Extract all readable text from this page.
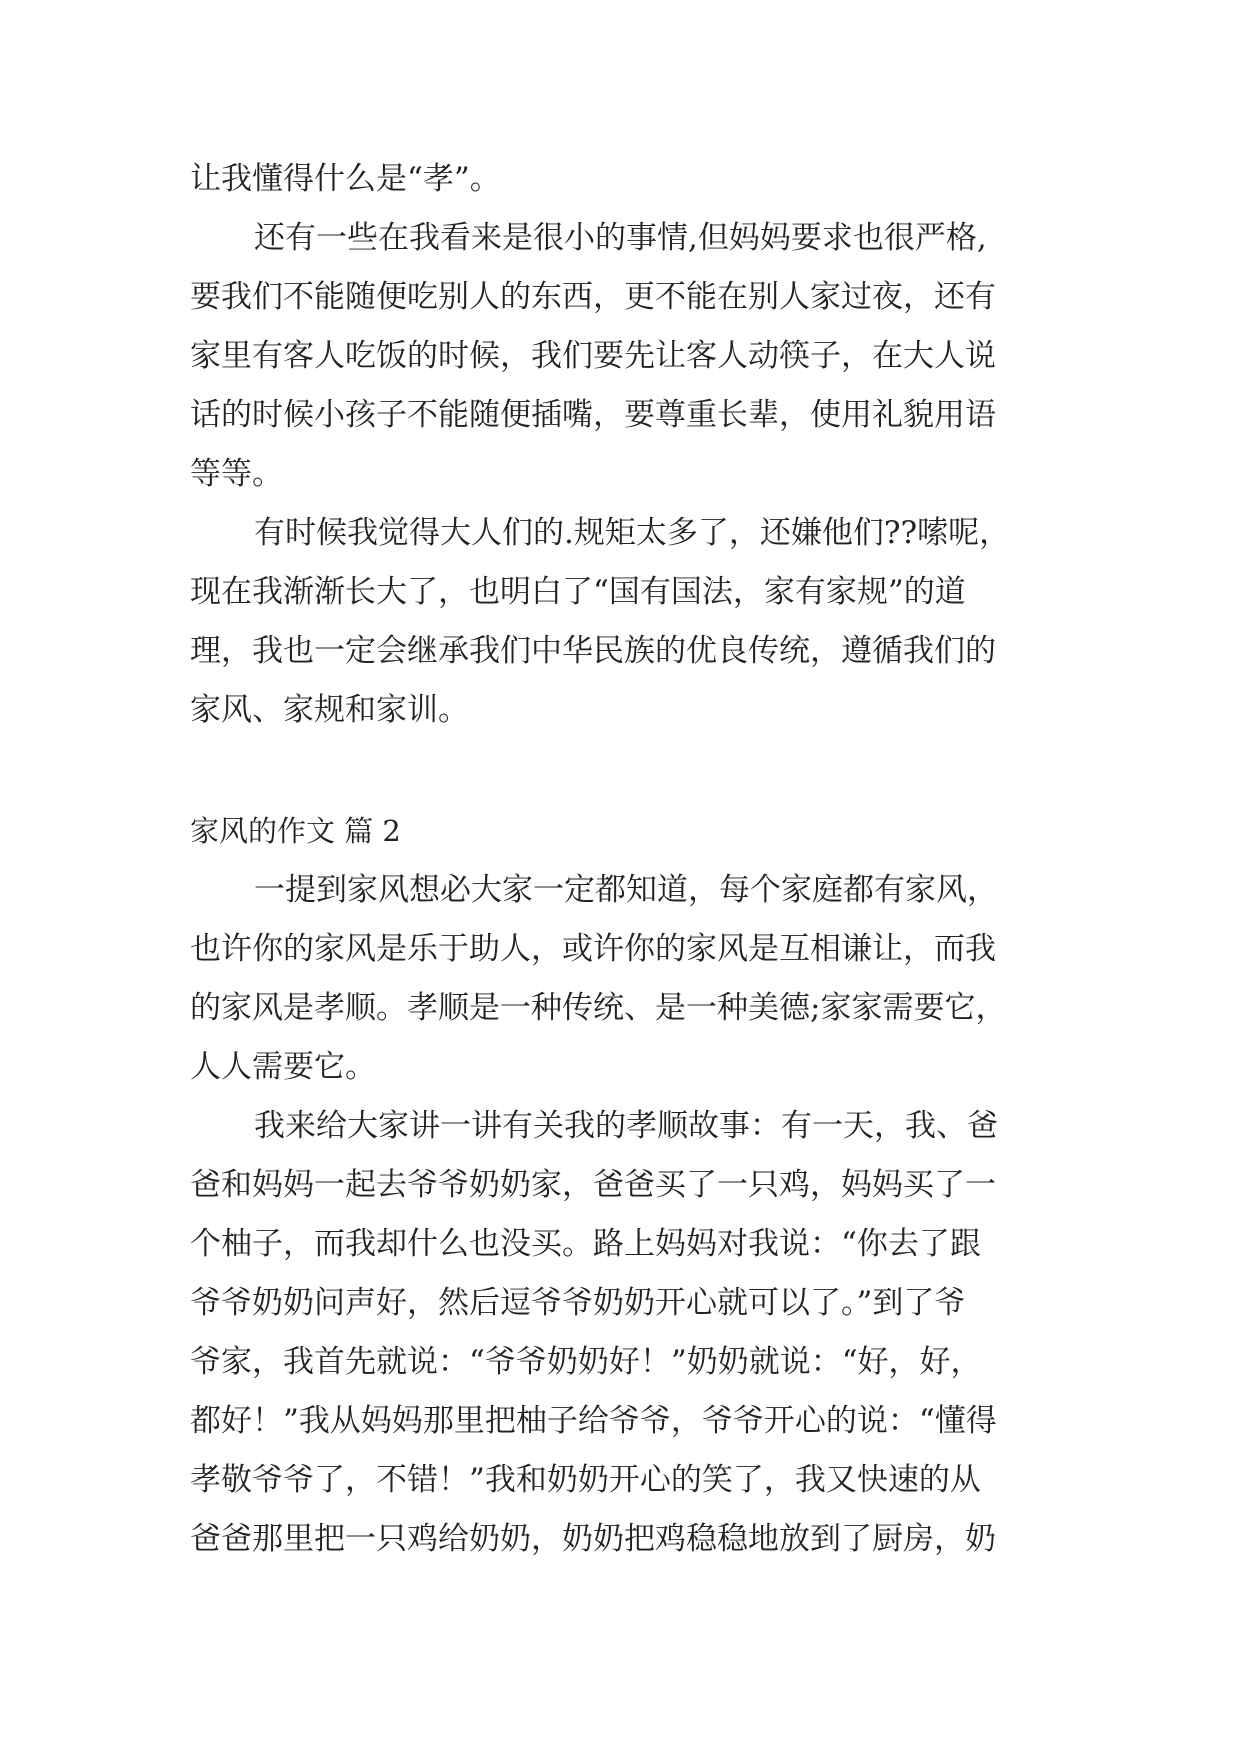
让我懂得什么是“孝”。
还有一些在我看来是很小的事情,但妈妈要求也很严格,
要我们不能随便吃别人的东西，更不能在别人家过夜，还有
家里有客人吃饭的时候，我们要先让客人动筷子，在大人说
话的时候小孩子不能随便插嘴，要尊重长辈，使用礼貌用语
等等。
有时候我觉得大人们的.规矩太多了，还嫌他们??嗦呢，
现在我渐渐长大了，也明白了“国有国法，家有家规”的道
理，我也一定会继承我们中华民族的优良传统，遵循我们的
家风、家规和家训。
家风的作文 篇 2
一提到家风想必大家一定都知道，每个家庭都有家风，
也许你的家风是乐于助人，或许你的家风是互相谦让，而我
的家风是孝顺。孝顺是一种传统、是一种美德;家家需要它，
人人需要它。
我来给大家讲一讲有关我的孝顺故事：有一天，我、爸
爸和妈妈一起去爷爷奶奶家，爸爸买了一只鸡，妈妈买了一
个柚子，而我却什么也没买。路上妈妈对我说：“你去了跟
爷爷奶奶问声好，然后逗爷爷奶奶开心就可以了。”到了爷
爷家，我首先就说：“爷爷奶奶好！”奶奶就说：“好，好，
都好！”我从妈妈那里把柚子给爷爷，爷爷开心的说：“懂得
孝敬爷爷了，不错！”我和奶奶开心的笑了，我又快速的从
爸爸那里把一只鸡给奶奶，奶奶把鸡稳稳地放到了厨房，奶
